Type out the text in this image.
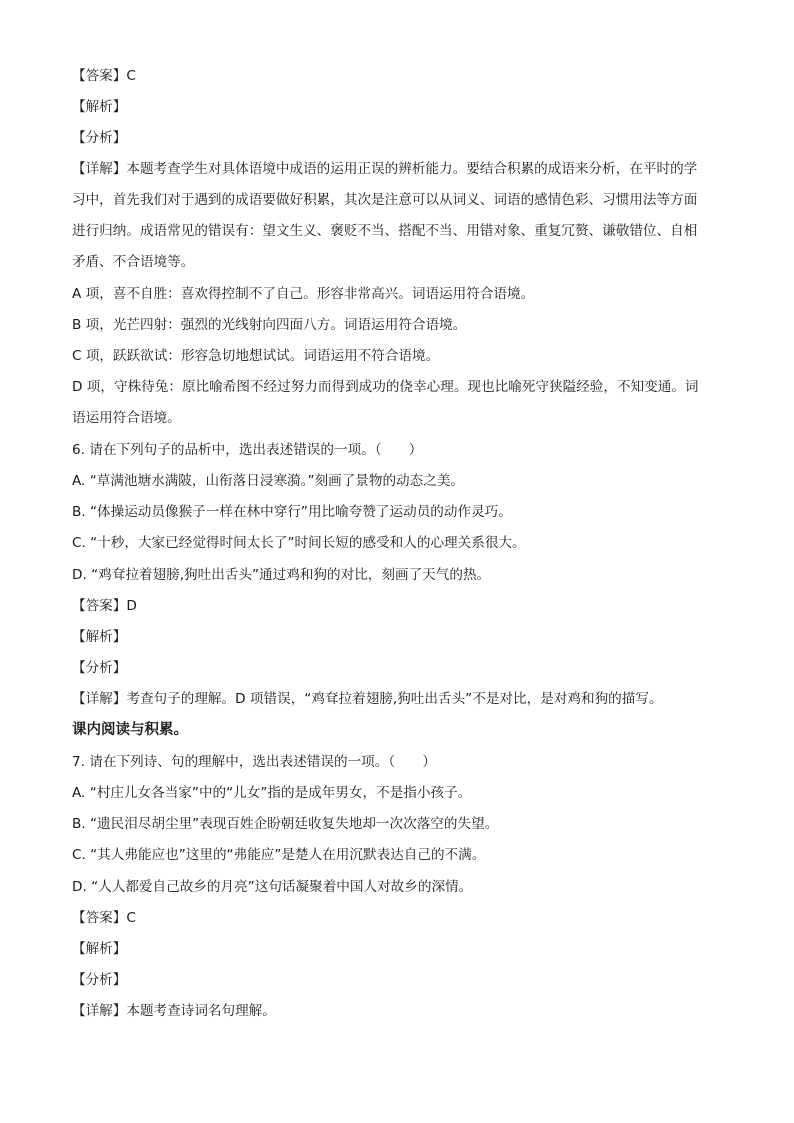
【答案】C
【解析】
【分析】
【详解】本题考查学生对具体语境中成语的运用正误的辨析能力。要结合积累的成语来分析，在平时的学
习中，首先我们对于遇到的成语要做好积累，其次是注意可以从词义、词语的感情色彩、习惯用法等方面
进行归纳。成语常见的错误有：望文生义、褒贬不当、搭配不当、用错对象、重复冗赘、谦敬错位、自相
矛盾、不合语境等。
A 项，喜不自胜：喜欢得控制不了自己。形容非常高兴。词语运用符合语境。
B 项，光芒四射：强烈的光线射向四面八方。词语运用符合语境。
C 项，跃跃欲试：形容急切地想试试。词语运用不符合语境。
D 项，守株待兔：原比喻希图不经过努力而得到成功的侥幸心理。现也比喻死守狭隘经验，不知变通。词
语运用符合语境。
6. 请在下列句子的品析中，选出表述错误的一项。（　　）
A. “草满池塘水满陂，山衔落日浸寒漪。”刻画了景物的动态之美。
B. “体操运动员像猴子一样在林中穿行”用比喻夸赞了运动员的动作灵巧。
C. “十秒，大家已经觉得时间太长了”时间长短的感受和人的心理关系很大。
D. “鸡耷拉着翅膀,狗吐出舌头”通过鸡和狗的对比，刻画了天气的热。
【答案】D
【解析】
【分析】
【详解】考查句子的理解。D 项错误，“鸡耷拉着翅膀,狗吐出舌头”不是对比，是对鸡和狗的描写。
课内阅读与积累。
7. 请在下列诗、句的理解中，选出表述错误的一项。（　　）
A. “村庄儿女各当家”中的“儿女”指的是成年男女，不是指小孩子。
B. “遗民泪尽胡尘里”表现百姓企盼朝廷收复失地却一次次落空的失望。
C. “其人弗能应也”这里的“弗能应”是楚人在用沉默表达自己的不满。
D. “人人都爱自己故乡的月亮”这句话凝聚着中国人对故乡的深情。
【答案】C
【解析】
【分析】
【详解】本题考查诗词名句理解。
